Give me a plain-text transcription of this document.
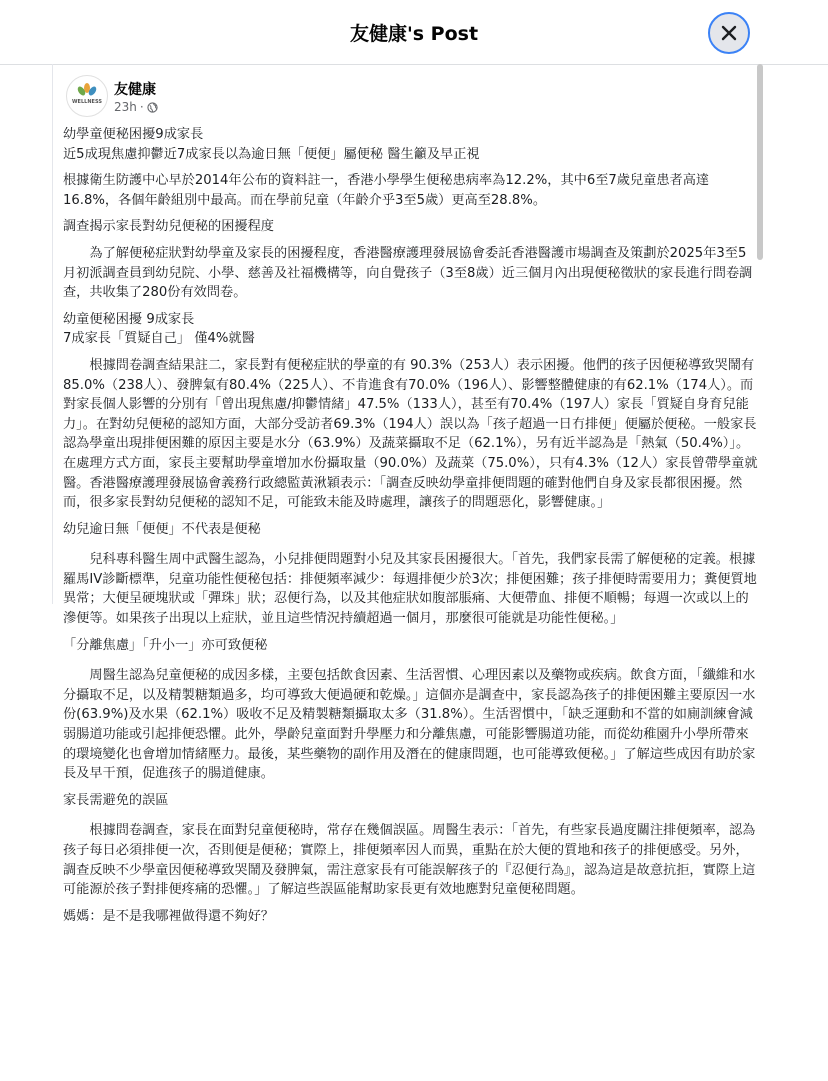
友健康's Post
WELLNESS
友健康
23h ·

幼學童便秘困擾9成家長
近5成現焦慮抑鬱近7成家長以為逾日無「便便」屬便秘 醫生籲及早正視

根據衛生防護中心早於2014年公布的資料註一，香港小學學生便秘患病率為12.2%，其中6至7歲兒童患者高達16.8%，各個年齡組別中最高。而在學前兒童（年齡介乎3至5歲）更高至28.8%。

調查揭示家長對幼兒便秘的困擾程度

為了解便秘症狀對幼學童及家長的困擾程度，香港醫療護理發展協會委託香港醫護市場調查及策劃於2025年3至5月初派調查員到幼兒院、小學、慈善及社福機構等，向自覺孩子（3至8歲）近三個月內出現便秘徵狀的家長進行問卷調查，共收集了280份有效問卷。

幼童便秘困擾 9成家長
7成家長「質疑自己」 僅4%就醫

根據問卷調查結果註二，家長對有便秘症狀的學童的有 90.3%（253人）表示困擾。他們的孩子因便秘導致哭鬧有85.0%（238人）、發脾氣有80.4%（225人）、不肯進食有70.0%（196人）、影響整體健康的有62.1%（174人）。而對家長個人影響的分別有「曾出現焦慮/抑鬱情緒」47.5%（133人），甚至有70.4%（197人）家長「質疑自身育兒能力」。在對幼兒便秘的認知方面，大部分受訪者69.3%（194人）誤以為「孩子超過一日冇排便」便屬於便秘。一般家長認為學童出現排便困難的原因主要是水分（63.9%）及蔬菜攝取不足（62.1%），另有近半認為是「熱氣（50.4%）」。在處理方式方面，家長主要幫助學童增加水份攝取量（90.0%）及蔬菜（75.0%），只有4.3%（12人）家長曾帶學童就醫。香港醫療護理發展協會義務行政總監黃湫穎表示：「調查反映幼學童排便問題的確對他們自身及家長都很困擾。然而，很多家長對幼兒便秘的認知不足，可能致未能及時處理，讓孩子的問題惡化，影響健康。」

幼兒逾日無「便便」不代表是便秘

兒科專科醫生周中武醫生認為，小兒排便問題對小兒及其家長困擾很大。「首先，我們家長需了解便秘的定義。根據羅馬IV診斷標準，兒童功能性便秘包括：排便頻率減少：每週排便少於3次；排便困難；孩子排便時需要用力；糞便質地異常；大便呈硬塊狀或「彈珠」狀；忍便行為，以及其他症狀如腹部脹痛、大便帶血、排便不順暢；每週一次或以上的滲便等。如果孩子出現以上症狀，並且這些情況持續超過一個月，那麼很可能就是功能性便秘。」

「分離焦慮」「升小一」亦可致便秘

周醫生認為兒童便秘的成因多樣，主要包括飲食因素、生活習慣、心理因素以及藥物或疾病。飲食方面，「纖維和水分攝取不足，以及精製糖類過多，均可導致大便過硬和乾燥。」這個亦是調查中，家長認為孩子的排便困難主要原因一水份(63.9%)及水果（62.1%）吸收不足及精製糖類攝取太多（31.8%）。生活習慣中，「缺乏運動和不當的如廁訓練會減弱腸道功能或引起排便恐懼。此外，學齡兒童面對升學壓力和分離焦慮，可能影響腸道功能，而從幼稚園升小學所帶來的環境變化也會增加情緒壓力。最後，某些藥物的副作用及潛在的健康問題，也可能導致便秘。」了解這些成因有助於家長及早干預，促進孩子的腸道健康。

家長需避免的誤區

根據問卷調查，家長在面對兒童便秘時，常存在幾個誤區。周醫生表示：「首先，有些家長過度關注排便頻率，認為孩子每日必須排便一次，否則便是便秘；實際上，排便頻率因人而異，重點在於大便的質地和孩子的排便感受。另外，調查反映不少學童因便秘導致哭鬧及發脾氣，需注意家長有可能誤解孩子的『忍便行為』，認為這是故意抗拒，實際上這可能源於孩子對排便疼痛的恐懼。」了解這些誤區能幫助家長更有效地應對兒童便秘問題。

媽媽：是不是我哪裡做得還不夠好？
